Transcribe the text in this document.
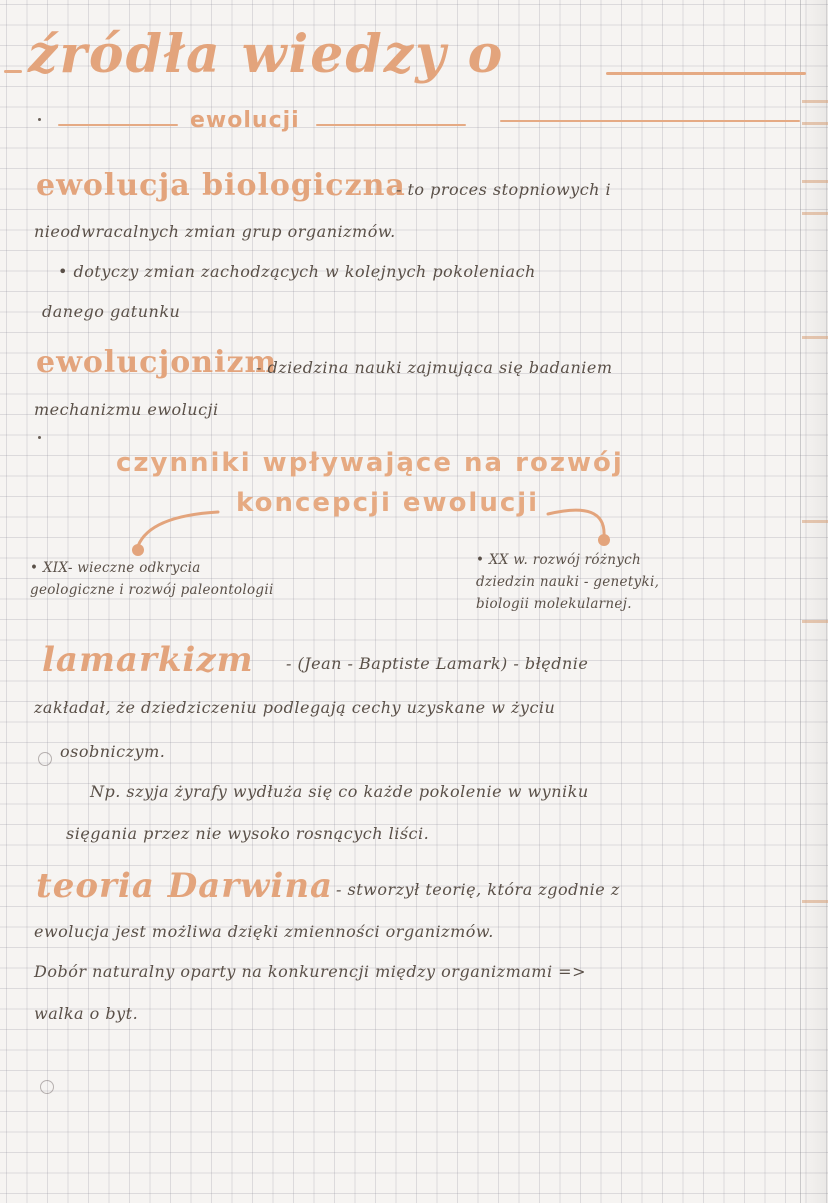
źródła wiedzy o
ewolucji
ewolucja biologiczna
- to proces stopniowych i
nieodwracalnych zmian grup organizmów.
• dotyczy zmian zachodzących w kolejnych pokoleniach
danego gatunku
ewolucjonizm
- dziedzina nauki zajmująca się badaniem
mechanizmu ewolucji
czynniki wpływające na rozwój
koncepcji ewolucji
• XIX- wieczne odkrycia
geologiczne i rozwój paleontologii
• XX w. rozwój różnych
dziedzin nauki - genetyki,
biologii molekularnej.
lamarkizm - (Jean - Baptiste Lamark) - błędnie
zakładał, że dziedziczeniu podlegają cechy uzyskane w życiu
osobniczym.
Np. szyja żyrafy wydłuża się co każde pokolenie w wyniku
sięgania przez nie wysoko rosnących liści.
teoria Darwina - stworzył teorię, która zgodnie z
ewolucja jest możliwa dzięki zmienności organizmów.
Dobór naturalny oparty na konkurencji między organizmami =>
walka o byt.
